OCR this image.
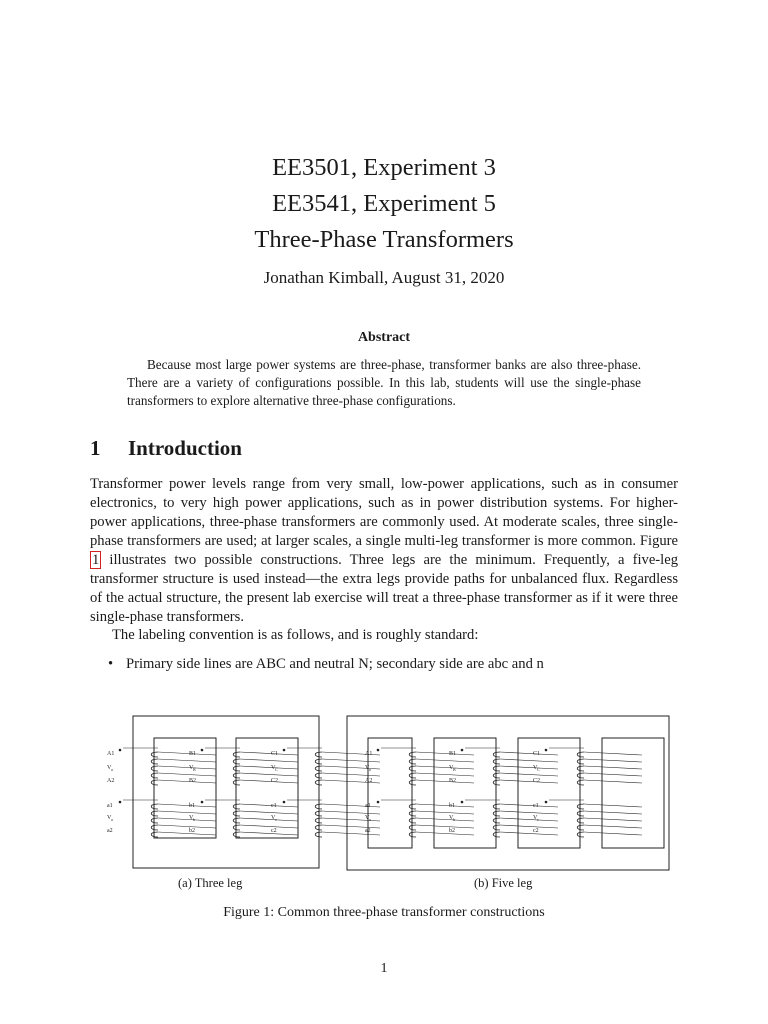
EE3501, Experiment 3
EE3541, Experiment 5
Three-Phase Transformers
Jonathan Kimball, August 31, 2020
Abstract
Because most large power systems are three-phase, transformer banks are also three-phase. There are a variety of configurations possible. In this lab, students will use the single-phase transformers to explore alternative three-phase configurations.
1 Introduction
Transformer power levels range from very small, low-power applications, such as in consumer electronics, to very high power applications, such as in power distribution systems. For higher-power applications, three-phase transformers are commonly used. At moderate scales, three single-phase transformers are used; at larger scales, a single multi-leg transformer is more common. Figure 1 illustrates two possible constructions. Three legs are the minimum. Frequently, a five-leg transformer structure is used instead—the extra legs provide paths for unbalanced flux. Regardless of the actual structure, the present lab exercise will treat a three-phase transformer as if it were three single-phase transformers.
The labeling convention is as follows, and is roughly standard:
• Primary side lines are ABC and neutral N; secondary side are abc and n
A1
V a
A2
a1
V a
a2
B1
V B
B2
b1
V b
b2
C1
V C
C2
c1
V c
c2
A1
V a
A2
a1
V a
a2
B1
V B
B2
b1
V b
b2
C1
V C
C2
c1
V c
c2
(a) Three leg	(b) Five leg
Figure 1: Common three-phase transformer constructions
1
